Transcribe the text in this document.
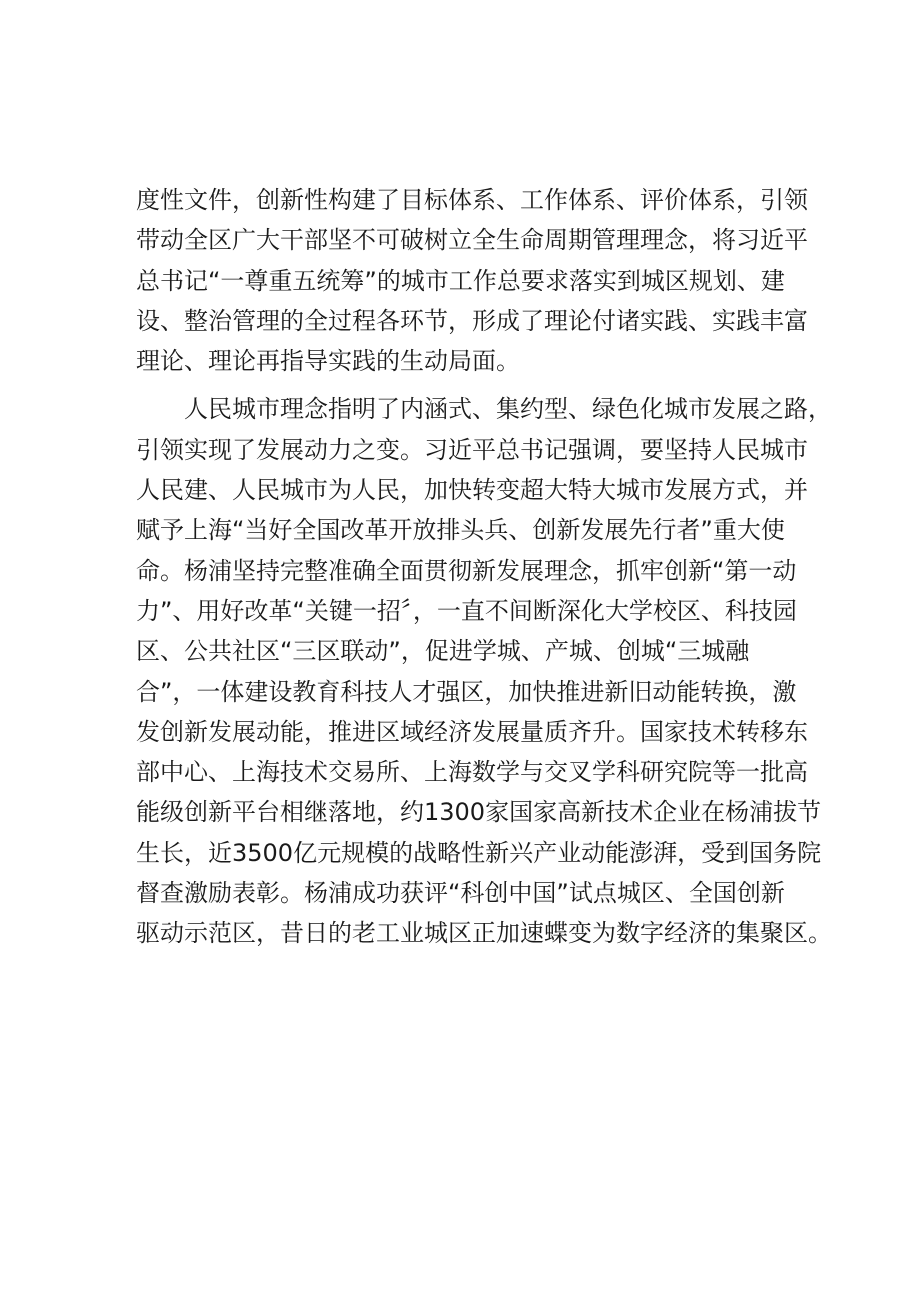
度性文件，创新性构建了目标体系、工作体系、评价体系，引领
带动全区广大干部坚不可破树立全生命周期管理理念，将习近平
总书记“一尊重五统筹”的城市工作总要求落实到城区规划、建
设、整治管理的全过程各环节，形成了理论付诸实践、实践丰富
理论、理论再指导实践的生动局面。
人民城市理念指明了内涵式、集约型、绿色化城市发展之路，
引领实现了发展动力之变。习近平总书记强调，要坚持人民城市
人民建、人民城市为人民，加快转变超大特大城市发展方式，并
赋予上海“当好全国改革开放排头兵、创新发展先行者”重大使
命。杨浦坚持完整准确全面贯彻新发展理念，抓牢创新“第一动
力”、用好改革“关键一招〞，一直不间断深化大学校区、科技园
区、公共社区“三区联动”，促进学城、产城、创城“三城融
合”，一体建设教育科技人才强区，加快推进新旧动能转换，激
发创新发展动能，推进区域经济发展量质齐升。国家技术转移东
部中心、上海技术交易所、上海数学与交叉学科研究院等一批高
能级创新平台相继落地，约1300家国家高新技术企业在杨浦拔节
生长，近3500亿元规模的战略性新兴产业动能澎湃，受到国务院
督查激励表彰。杨浦成功获评“科创中国”试点城区、全国创新
驱动示范区，昔日的老工业城区正加速蝶变为数字经济的集聚区。
